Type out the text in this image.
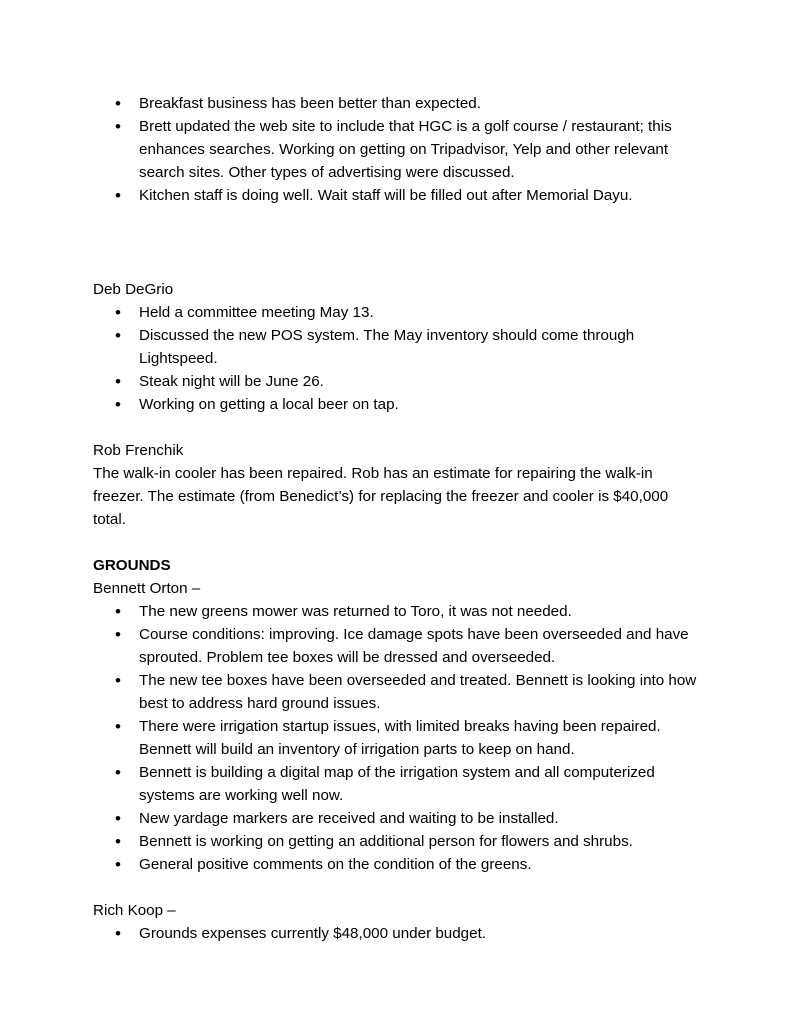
• Breakfast business has been better than expected.
• Brett updated the web site to include that HGC is a golf course / restaurant; this enhances searches. Working on getting on Tripadvisor, Yelp and other relevant search sites. Other types of advertising were discussed.
• Kitchen staff is doing well. Wait staff will be filled out after Memorial Dayu.

Deb DeGrio

• Held a committee meeting May 13.
• Discussed the new POS system. The May inventory should come through Lightspeed.
• Steak night will be June 26.
• Working on getting a local beer on tap.

Rob Frenchik

The walk-in cooler has been repaired. Rob has an estimate for repairing the walk-in freezer. The estimate (from Benedict’s) for replacing the freezer and cooler is $40,000 total.

GROUNDS

Bennett Orton –

• The new greens mower was returned to Toro, it was not needed.
• Course conditions: improving. Ice damage spots have been overseeded and have sprouted. Problem tee boxes will be dressed and overseeded.
• The new tee boxes have been overseeded and treated. Bennett is looking into how best to address hard ground issues.
• There were irrigation startup issues, with limited breaks having been repaired. Bennett will build an inventory of irrigation parts to keep on hand.
• Bennett is building a digital map of the irrigation system and all computerized systems are working well now.
• New yardage markers are received and waiting to be installed.
• Bennett is working on getting an additional person for flowers and shrubs.
• General positive comments on the condition of the greens.

Rich Koop –

• Grounds expenses currently $48,000 under budget.
